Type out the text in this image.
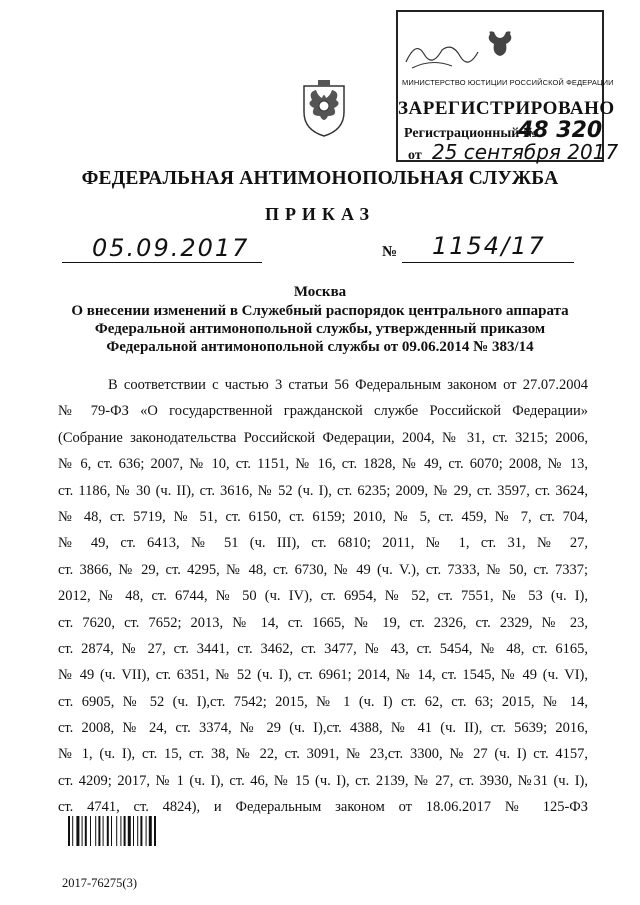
МИНИСТЕРСТВО ЮСТИЦИИ РОССИЙСКОЙ ФЕДЕРАЦИИ
ЗАРЕГИСТРИРОВАНО
Регистрационный №
48 320
от 25 сентября 2017
ФЕДЕРАЛЬНАЯ АНТИМОНОПОЛЬНАЯ СЛУЖБА
ПРИКАЗ
05.09.2017	№ 1154/17
Москва
О внесении изменений в Служебный распорядок центрального аппарата
Федеральной антимонопольной службы, утвержденный приказом
Федеральной антимонопольной службы от 09.06.2014 № 383/14
В соответствии с частью 3 статьи 56 Федеральным законом от 27.07.2004
№ 79-ФЗ «О государственной гражданской службе Российской Федерации»
(Собрание законодательства Российской Федерации, 2004, № 31, ст. 3215; 2006,
№ 6, ст. 636; 2007, № 10, ст. 1151, № 16, ст. 1828, № 49, ст. 6070; 2008, № 13,
ст. 1186, № 30 (ч. II), ст. 3616, № 52 (ч. I), ст. 6235; 2009, № 29, ст. 3597, ст. 3624,
№ 48, ст. 5719, № 51, ст. 6150, ст. 6159; 2010, № 5, ст. 459, № 7, ст. 704,
№ 49, ст. 6413, № 51 (ч. III), ст. 6810; 2011, № 1, ст. 31, № 27,
ст. 3866, № 29, ст. 4295, № 48, ст. 6730, № 49 (ч. V.), ст. 7333, № 50, ст. 7337;
2012, № 48, ст. 6744, № 50 (ч. IV), ст. 6954, № 52, ст. 7551, № 53 (ч. I),
ст. 7620, ст. 7652; 2013, № 14, ст. 1665, № 19, ст. 2326, ст. 2329, № 23,
ст. 2874, № 27, ст. 3441, ст. 3462, ст. 3477, № 43, ст. 5454, № 48, ст. 6165,
№ 49 (ч. VII), ст. 6351, № 52 (ч. I), ст. 6961; 2014, № 14, ст. 1545, № 49 (ч. VI),
ст. 6905, № 52 (ч. I),ст. 7542; 2015, № 1 (ч. I) ст. 62, ст. 63; 2015, № 14,
ст. 2008, № 24, ст. 3374, № 29 (ч. I),ст. 4388, № 41 (ч. II), ст. 5639; 2016,
№ 1, (ч. I), ст. 15, ст. 38, № 22, ст. 3091, № 23,ст. 3300, № 27 (ч. I) ст. 4157,
ст. 4209; 2017, № 1 (ч. I), ст. 46, № 15 (ч. I), ст. 2139, № 27, ст. 3930, №31 (ч. I),
ст. 4741, ст. 4824), и Федеральным законом от 18.06.2017 № 125-ФЗ
2017-76275(3)
